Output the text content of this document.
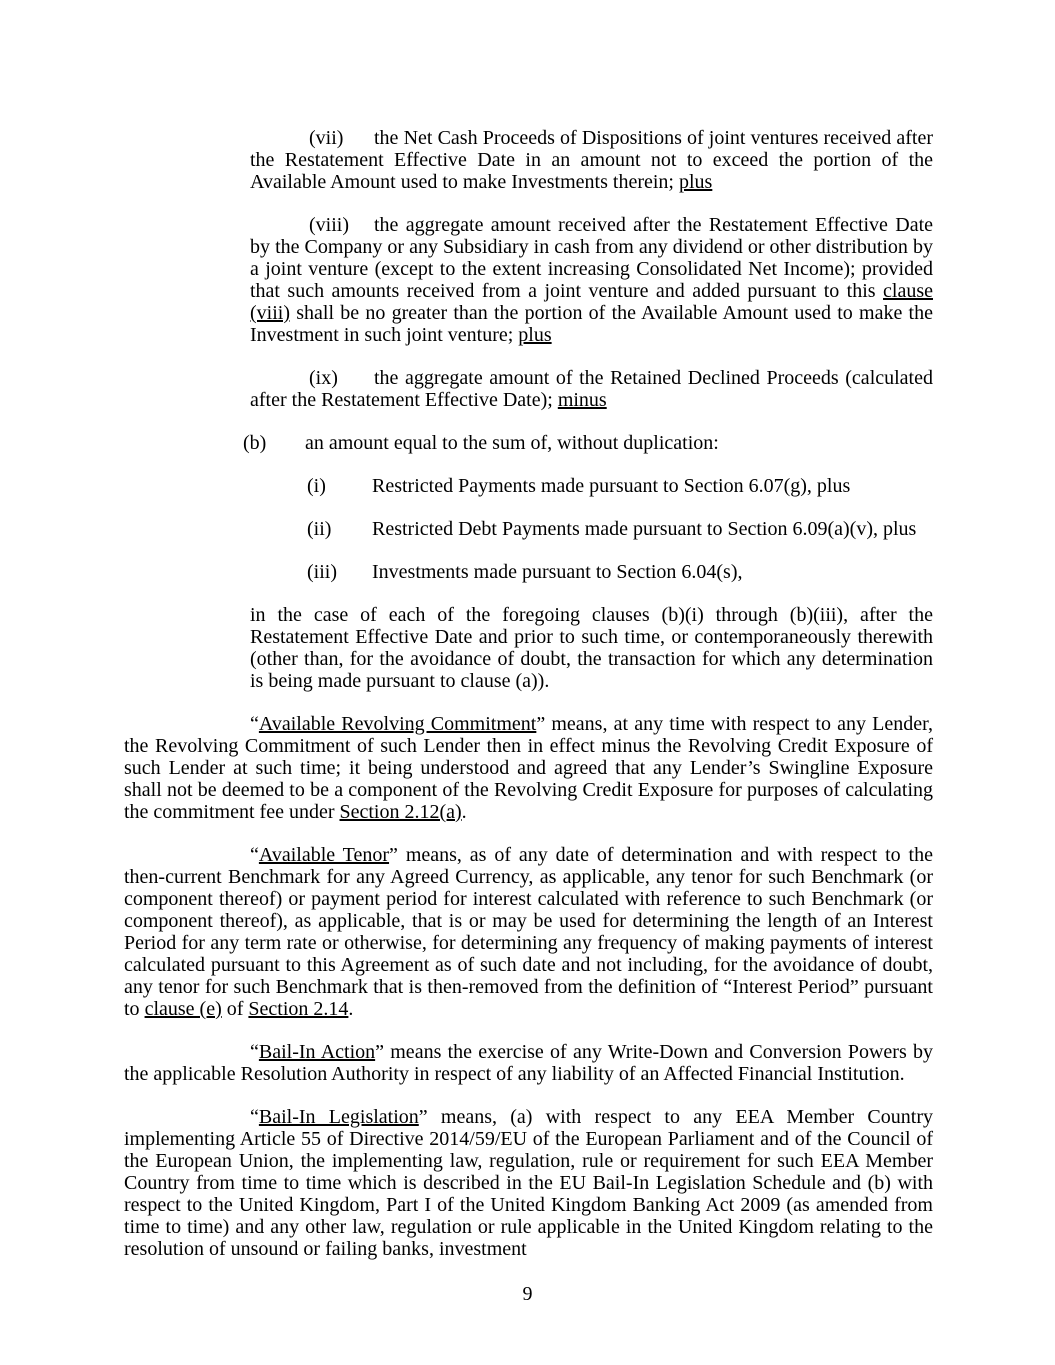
(vii) the Net Cash Proceeds of Dispositions of joint ventures received after the Restatement Effective Date in an amount not to exceed the portion of the Available Amount used to make Investments therein; plus

(viii) the aggregate amount received after the Restatement Effective Date by the Company or any Subsidiary in cash from any dividend or other distribution by a joint venture (except to the extent increasing Consolidated Net Income); provided that such amounts received from a joint venture and added pursuant to this clause (viii) shall be no greater than the portion of the Available Amount used to make the Investment in such joint venture; plus

(ix) the aggregate amount of the Retained Declined Proceeds (calculated after the Restatement Effective Date); minus

(b) an amount equal to the sum of, without duplication:

(i) Restricted Payments made pursuant to Section 6.07(g), plus

(ii) Restricted Debt Payments made pursuant to Section 6.09(a)(v), plus

(iii) Investments made pursuant to Section 6.04(s),

in the case of each of the foregoing clauses (b)(i) through (b)(iii), after the Restatement Effective Date and prior to such time, or contemporaneously therewith (other than, for the avoidance of doubt, the transaction for which any determination is being made pursuant to clause (a)).

“Available Revolving Commitment” means, at any time with respect to any Lender, the Revolving Commitment of such Lender then in effect minus the Revolving Credit Exposure of such Lender at such time; it being understood and agreed that any Lender’s Swingline Exposure shall not be deemed to be a component of the Revolving Credit Exposure for purposes of calculating the commitment fee under Section 2.12(a).

“Available Tenor” means, as of any date of determination and with respect to the then-current Benchmark for any Agreed Currency, as applicable, any tenor for such Benchmark (or component thereof) or payment period for interest calculated with reference to such Benchmark (or component thereof), as applicable, that is or may be used for determining the length of an Interest Period for any term rate or otherwise, for determining any frequency of making payments of interest calculated pursuant to this Agreement as of such date and not including, for the avoidance of doubt, any tenor for such Benchmark that is then-removed from the definition of “Interest Period” pursuant to clause (e) of Section 2.14.

“Bail-In Action” means the exercise of any Write-Down and Conversion Powers by the applicable Resolution Authority in respect of any liability of an Affected Financial Institution.

“Bail-In Legislation” means, (a) with respect to any EEA Member Country implementing Article 55 of Directive 2014/59/EU of the European Parliament and of the Council of the European Union, the implementing law, regulation, rule or requirement for such EEA Member Country from time to time which is described in the EU Bail-In Legislation Schedule and (b) with respect to the United Kingdom, Part I of the United Kingdom Banking Act 2009 (as amended from time to time) and any other law, regulation or rule applicable in the United Kingdom relating to the resolution of unsound or failing banks, investment

9
